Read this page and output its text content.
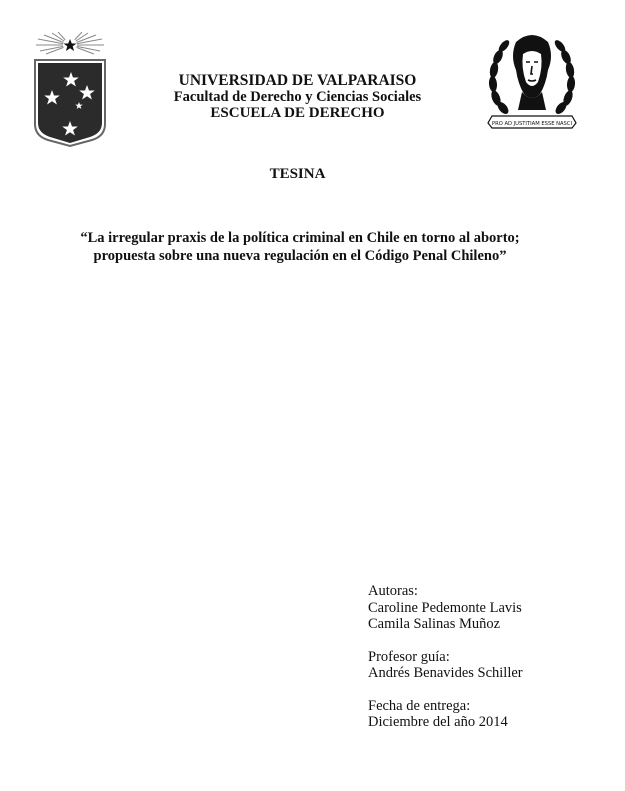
UNIVERSIDAD DE VALPARAISO
Facultad de Derecho y Ciencias Sociales
ESCUELA DE DERECHO
PRO AD JUSTITIAM ESSE NASCI
TESINA
“La irregular praxis de la política criminal en Chile en torno al aborto;
propuesta sobre una nueva regulación en el Código Penal Chileno”
Autoras:
Caroline Pedemonte Lavis
Camila Salinas Muñoz
Profesor guía:
Andrés Benavides Schiller
Fecha de entrega:
Diciembre del año 2014
